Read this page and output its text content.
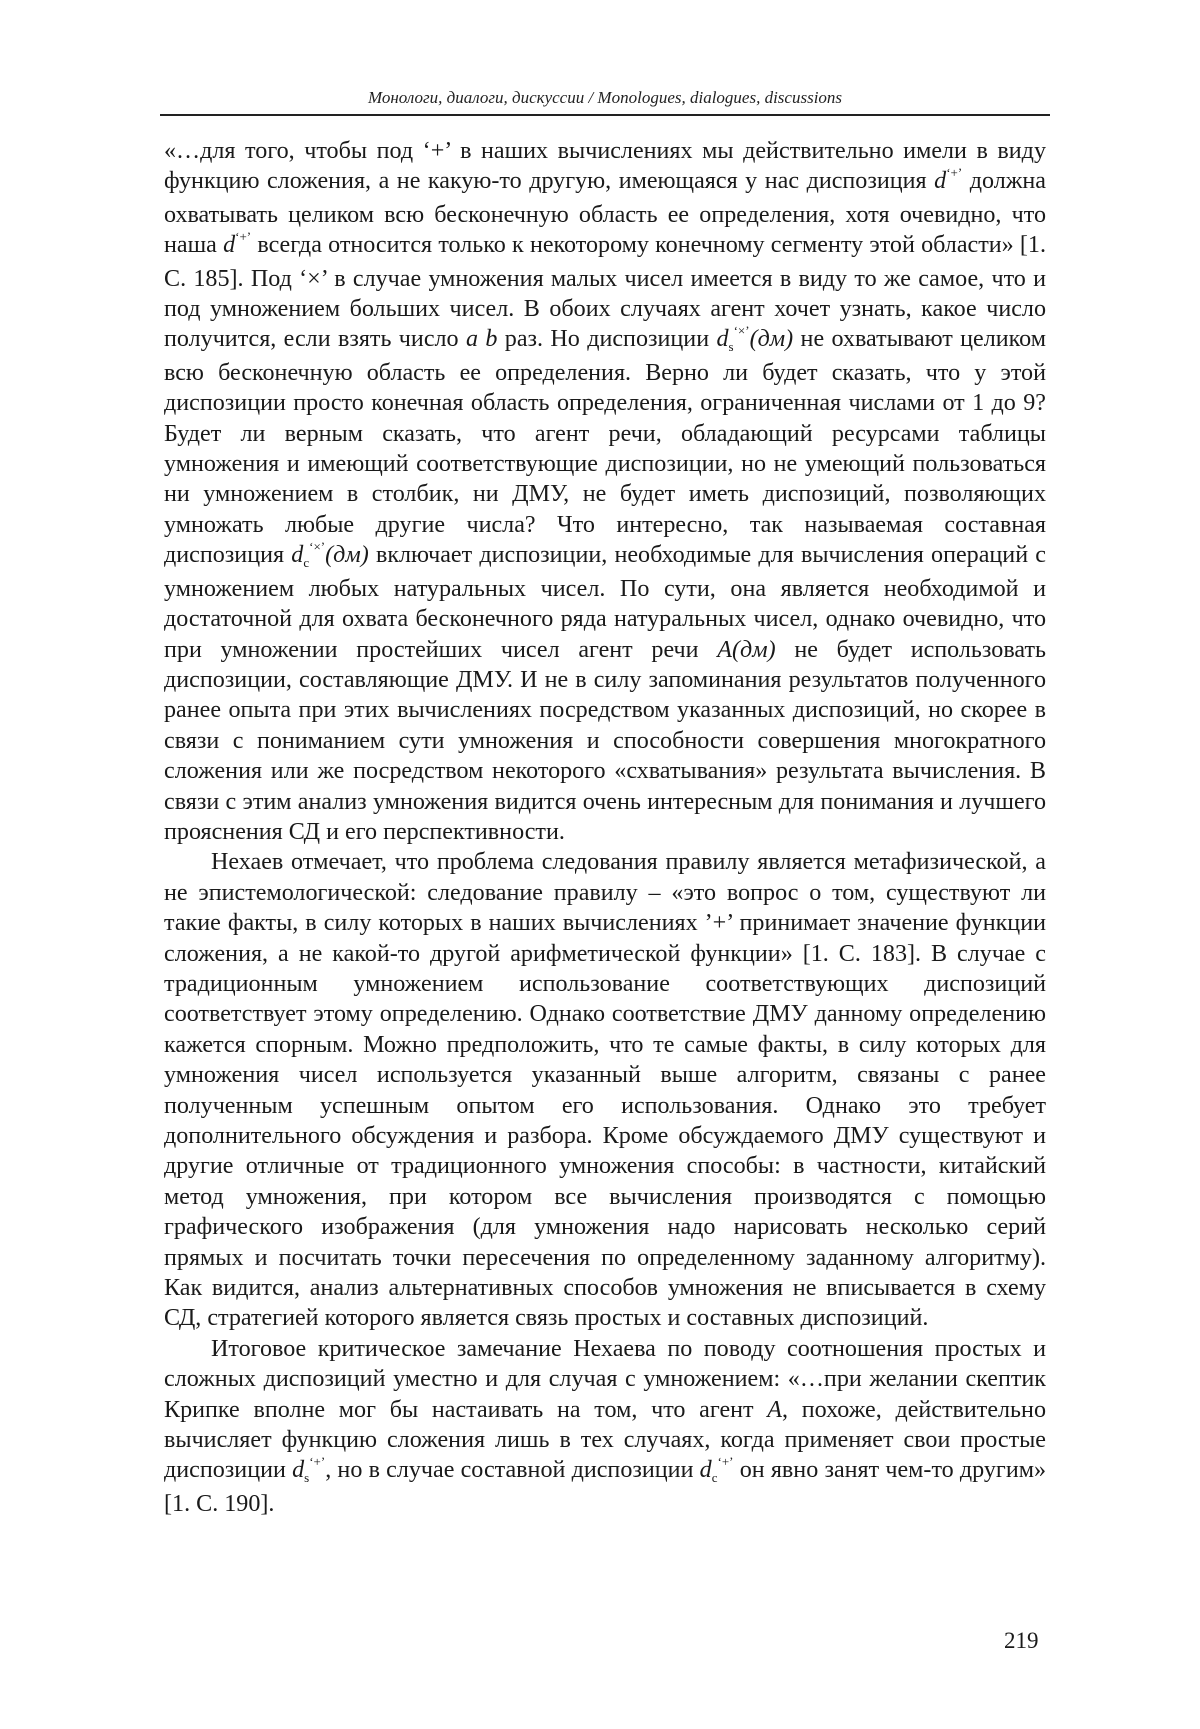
Монологи, диалоги, дискуссии / Monologues, dialogues, discussions

«…для того, чтобы под ‘+’ в наших вычислениях мы действительно имели в виду функцию сложения, а не какую-то другую, имеющаяся у нас диспозиция d‘+’ должна охватывать целиком всю бесконечную область ее определения, хотя очевидно, что наша d‘+’ всегда относится только к некоторому конечному сегменту этой области» [1. С. 185]. Под ‘×’ в случае умножения малых чисел имеется в виду то же самое, что и под умножением больших чисел. В обоих случаях агент хочет узнать, какое число получится, если взять число a b раз. Но диспозиции $d_s^{‘\times’}(дм)$ не охватывают целиком всю бесконечную область ее определения. Верно ли будет сказать, что у этой диспозиции просто конечная область определения, ограниченная числами от 1 до 9? Будет ли верным сказать, что агент речи, обладающий ресурсами таблицы умножения и имеющий соответствующие диспозиции, но не умеющий пользоваться ни умножением в столбик, ни ДМУ, не будет иметь диспозиций, позволяющих умножать любые другие числа? Что интересно, так называемая составная диспозиция $d_c^{‘\times’}(дм)$ включает диспозиции, необходимые для вычисления операций с умножением любых натуральных чисел. По сути, она является необходимой и достаточной для охвата бесконечного ряда натуральных чисел, однако очевидно, что при умножении простейших чисел агент речи A(дм) не будет использовать диспозиции, составляющие ДМУ. И не в силу запоминания результатов полученного ранее опыта при этих вычислениях посредством указанных диспозиций, но скорее в связи с пониманием сути умножения и способности совершения многократного сложения или же посредством некоторого «схватывания» результата вычисления. В связи с этим анализ умножения видится очень интересным для понимания и лучшего прояснения СД и его перспективности.

Нехаев отмечает, что проблема следования правилу является метафизической, а не эпистемологической: следование правилу – «это вопрос о том, существуют ли такие факты, в силу которых в наших вычислениях ’+’ принимает значение функции сложения, а не какой-то другой арифметической функции» [1. С. 183]. В случае с традиционным умножением использование соответствующих диспозиций соответствует этому определению. Однако соответствие ДМУ данному определению кажется спорным. Можно предположить, что те самые факты, в силу которых для умножения чисел используется указанный выше алгоритм, связаны с ранее полученным успешным опытом его использования. Однако это требует дополнительного обсуждения и разбора. Кроме обсуждаемого ДМУ существуют и другие отличные от традиционного умножения способы: в частности, китайский метод умножения, при котором все вычисления производятся с помощью графического изображения (для умножения надо нарисовать несколько серий прямых и посчитать точки пересечения по определенному заданному алгоритму). Как видится, анализ альтернативных способов умножения не вписывается в схему СД, стратегией которого является связь простых и составных диспозиций.

Итоговое критическое замечание Нехаева по поводу соотношения простых и сложных диспозиций уместно и для случая с умножением: «…при желании скептик Крипке вполне мог бы настаивать на том, что агент A, похоже, действительно вычисляет функцию сложения лишь в тех случаях, когда применяет свои простые диспозиции $d_s^{‘+’}$, но в случае составной диспозиции $d_c^{‘+’}$ он явно занят чем-то другим» [1. С. 190].

219
